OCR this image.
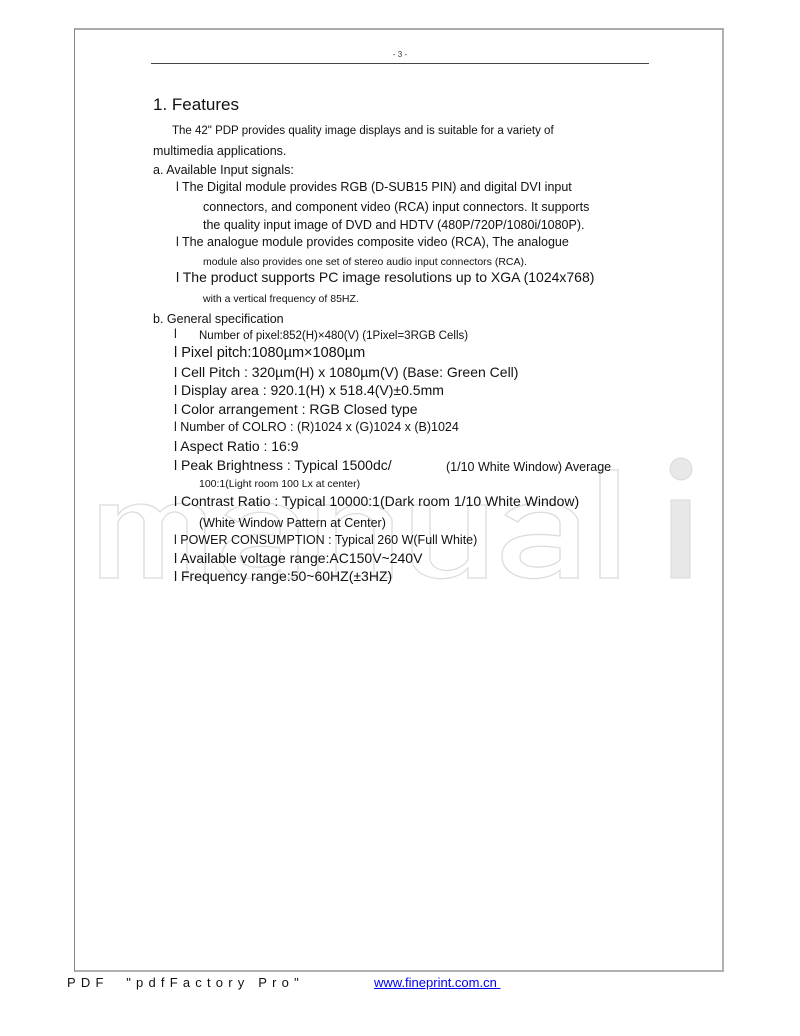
- 3 -
1. Features
The 42" PDP provides quality image displays and is suitable for a variety of
multimedia applications.
a. Available Input signals:
l The Digital module provides RGB (D-SUB15 PIN) and digital DVI input
connectors, and component video (RCA) input connectors. It supports
the quality input image of DVD and HDTV (480P/720P/1080i/1080P).
l The analogue module provides composite video (RCA), The analogue
module also provides one set of stereo audio input connectors (RCA).
l The product supports PC image resolutions up to XGA (1024x768)
with a vertical frequency of 85HZ.
b. General specification
l Number of pixel:852(H)×480(V) (1Pixel=3RGB Cells)
l Pixel pitch:1080µm×1080µm
l Cell Pitch : 320µm(H) x 1080µm(V) (Base: Green Cell)
l Display area : 920.1(H) x 518.4(V)±0.5mm
l Color arrangement : RGB Closed type
l Number of COLRO : (R)1024 x (G)1024 x (B)1024
l Aspect Ratio : 16:9
l Peak Brightness : Typical 1500dc/	(1/10 White Window) Average
100:1(Light room 100 Lx at center)
l Contrast Ratio : Typical 10000:1(Dark room 1/10 White Window)
(White Window Pattern at Center)
l POWER CONSUMPTION : Typical 260 W(Full White)
l Available voltage range:AC150V~240V
l Frequency range:50~60HZ(±3HZ)
PDF  "pdfFactory Pro"	www.fineprint.com.cn
